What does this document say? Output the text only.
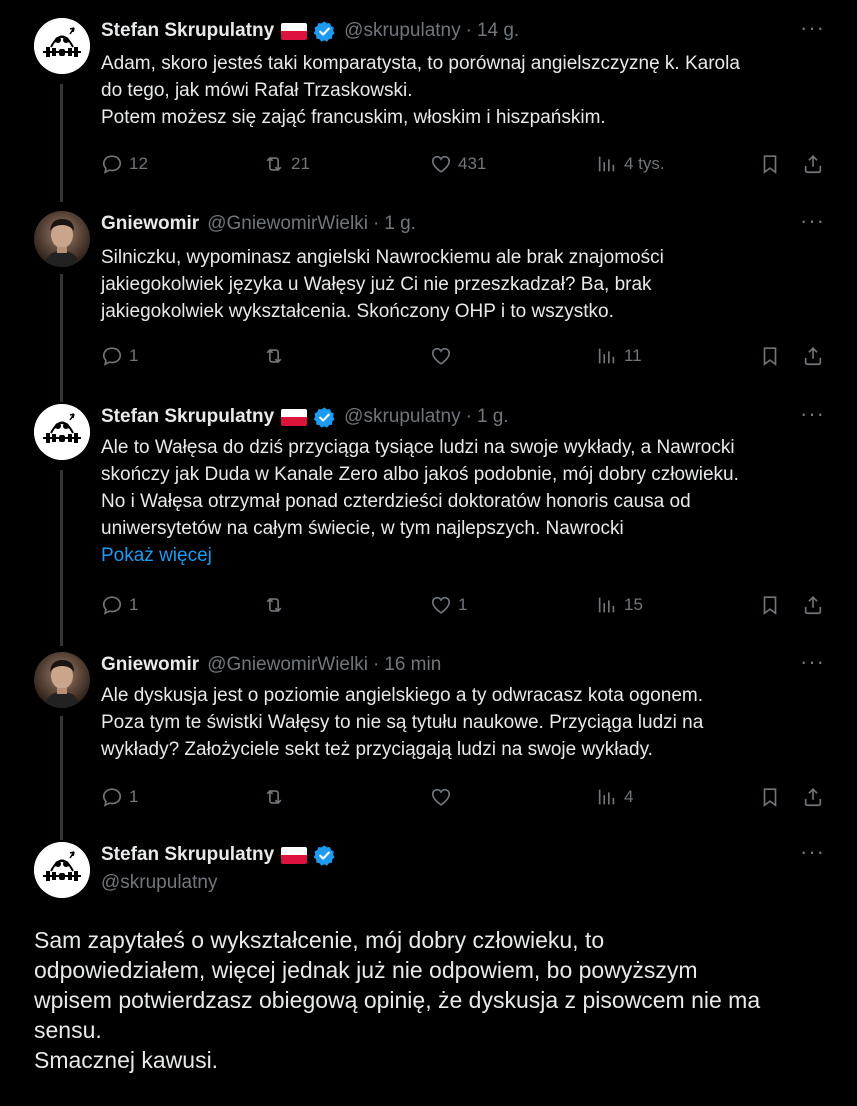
Stefan Skrupulatny	@skrupulatny · 14 g.	···
Adam, skoro jesteś taki komparatysta, to porównaj angielszczyznę k. Karola
do tego, jak mówi Rafał Trzaskowski.
Potem możesz się zająć francuskim, włoskim i hiszpańskim.
12	21	431	4 tys.
Gniewomir @GniewomirWielki · 1 g.	···
Silniczku, wypominasz angielski Nawrockiemu ale brak znajomości
jakiegokolwiek języka u Wałęsy już Ci nie przeszkadzał? Ba, brak
jakiegokolwiek wykształcenia. Skończony OHP i to wszystko.
1	11
Stefan Skrupulatny	@skrupulatny · 1 g.	···
Ale to Wałęsa do dziś przyciąga tysiące ludzi na swoje wykłady, a Nawrocki
skończy jak Duda w Kanale Zero albo jakoś podobnie, mój dobry człowieku.
No i Wałęsa otrzymał ponad czterdzieści doktoratów honoris causa od
uniwersytetów na całym świecie, w tym najlepszych. Nawrocki
Pokaż więcej
1	1	15
Gniewomir @GniewomirWielki · 16 min	···
Ale dyskusja jest o poziomie angielskiego a ty odwracasz kota ogonem.
Poza tym te świstki Wałęsy to nie są tytułu naukowe. Przyciąga ludzi na
wykłady? Założyciele sekt też przyciągają ludzi na swoje wykłady.
1	4
Stefan Skrupulatny	···
@skrupulatny
Sam zapytałeś o wykształcenie, mój dobry człowieku, to
odpowiedziałem, więcej jednak już nie odpowiem, bo powyższym
wpisem potwierdzasz obiegową opinię, że dyskusja z pisowcem nie ma
sensu.
Smacznej kawusi.
